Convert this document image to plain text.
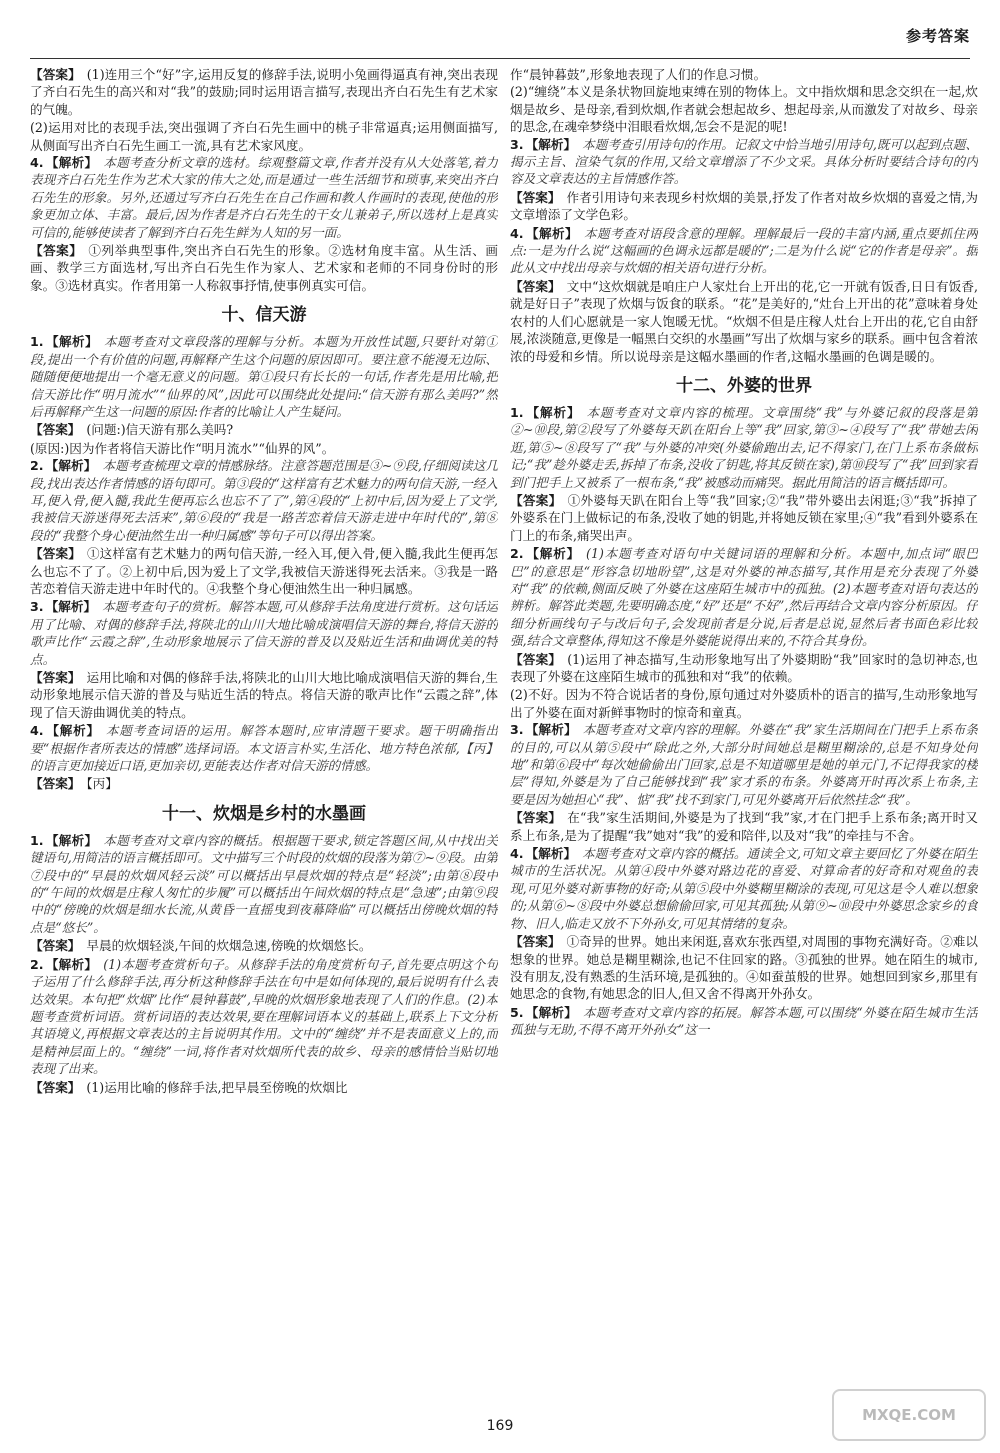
参考答案

【答案】 (1)连用三个“好”字,运用反复的修辞手法,说明小兔画得逼真有神,突出表现了齐白石先生的高兴和对“我”的鼓励;同时运用语言描写,表现出齐白石先生有艺术家的气魄。

(2)运用对比的表现手法,突出强调了齐白石先生画中的桃子非常逼真;运用侧面描写,从侧面写出齐白石先生画工一流,具有艺术家风度。

4. 【解析】 本题考查分析文章的选材。综观整篇文章,作者并没有从大处落笔,着力表现齐白石先生作为艺术大家的伟大之处,而是通过一些生活细节和琐事,来突出齐白石先生的形象。另外,还通过写齐白石先生在自己作画和教人作画时的表现,使他的形象更加立体、丰富。最后,因为作者是齐白石先生的干女儿兼弟子,所以选材上是真实可信的,能够使读者了解到齐白石先生鲜为人知的另一面。

【答案】 ①列举典型事件,突出齐白石先生的形象。②选材角度丰富。从生活、画画、教学三方面选材,写出齐白石先生作为家人、艺术家和老师的不同身份时的形象。③选材真实。作者用第一人称叙事抒情,使事例真实可信。

十、信天游

1. 【解析】 本题考查对文章段落的理解与分析。本题为开放性试题,只要针对第①段,提出一个有价值的问题,再解释产生这个问题的原因即可。要注意不能漫无边际、随随便便地提出一个毫无意义的问题。第①段只有长长的一句话,作者先是用比喻,把信天游比作“明月流水”“仙界的风”,因此可以围绕此处提问:“信天游有那么美吗?”然后再解释产生这一问题的原因:作者的比喻让人产生疑问。

【答案】 (问题:)信天游有那么美吗?

(原因:)因为作者将信天游比作“明月流水”“仙界的风”。

2. 【解析】 本题考查梳理文章的情感脉络。注意答题范围是③~⑨段,仔细阅读这几段,找出表达作者情感的语句即可。第③段的“这样富有艺术魅力的两句信天游,一经入耳,便入骨,便入髓,我此生便再忘么也忘不了了”,第④段的“上初中后,因为爱上了文学,我被信天游迷得死去活来”,第⑥段的“我是一路苦恋着信天游走进中年时代的”,第⑧段的“我整个身心便油然生出一种归属感”等句子可以得出答案。

【答案】 ①这样富有艺术魅力的两句信天游,一经入耳,便入骨,便入髓,我此生便再怎么也忘不了了。②上初中后,因为爱上了文学,我被信天游迷得死去活来。③我是一路苦恋着信天游走进中年时代的。④我整个身心便油然生出一种归属感。

3. 【解析】 本题考查句子的赏析。解答本题,可从修辞手法角度进行赏析。这句话运用了比喻、对偶的修辞手法,将陕北的山川大地比喻成演唱信天游的舞台,将信天游的歌声比作“云霞之辞”,生动形象地展示了信天游的普及以及贴近生活和曲调优美的特点。

【答案】 运用比喻和对偶的修辞手法,将陕北的山川大地比喻成演唱信天游的舞台,生动形象地展示信天游的普及与贴近生活的特点。将信天游的歌声比作“云霞之辞”,体现了信天游曲调优美的特点。

4. 【解析】 本题考查词语的运用。解答本题时,应审清题干要求。题干明确指出要“根据作者所表达的情感”选择词语。本文语言朴实,生活化、地方特色浓郁,【丙】的语言更加接近口语,更加亲切,更能表达作者对信天游的情感。

【答案】 【丙】

十一、炊烟是乡村的水墨画

1. 【解析】 本题考查对文章内容的概括。根据题干要求,锁定答题区间,从中找出关键语句,用简洁的语言概括即可。文中描写三个时段的炊烟的段落为第⑦~⑨段。由第⑦段中的“早晨的炊烟风轻云淡”可以概括出早晨炊烟的特点是“轻淡”;由第⑧段中的“午间的炊烟是庄稼人匆忙的步履”可以概括出午间炊烟的特点是“急速”;由第⑨段中的“傍晚的炊烟是细水长流,从黄昏一直摇曳到夜幕降临”可以概括出傍晚炊烟的特点是“悠长”。

【答案】 早晨的炊烟轻淡,午间的炊烟急速,傍晚的炊烟悠长。

2. 【解析】 (1)本题考查赏析句子。从修辞手法的角度赏析句子,首先要点明这个句子运用了什么修辞手法,再分析这种修辞手法在句中是如何体现的,最后说明有什么表达效果。本句把“炊烟”比作“晨钟暮鼓”,早晚的炊烟形象地表现了人们的作息。(2)本题考查赏析词语。赏析词语的表达效果,要在理解词语本义的基础上,联系上下文分析其语境义,再根据文章表达的主旨说明其作用。文中的“缠绕”并不是表面意义上的,而是精神层面上的。“缠绕”一词,将作者对炊烟所代表的故乡、母亲的感情恰当贴切地表现了出来。

【答案】 (1)运用比喻的修辞手法,把早晨至傍晚的炊烟比

作“晨钟暮鼓”,形象地表现了人们的作息习惯。

(2)“缠绕”本义是条状物回旋地束缚在别的物体上。文中指炊烟和思念交织在一起,炊烟是故乡、是母亲,看到炊烟,作者就会想起故乡、想起母亲,从而激发了对故乡、母亲的思念,在魂牵梦绕中泪眼看炊烟,怎会不是泥的呢!

3. 【解析】 本题考查引用诗句的作用。记叙文中恰当地引用诗句,既可以起到点题、揭示主旨、渲染气氛的作用,又给文章增添了不少文采。具体分析时要结合诗句的内容及文章表达的主旨情感作答。

【答案】 作者引用诗句来表现乡村炊烟的美景,抒发了作者对故乡炊烟的喜爱之情,为文章增添了文学色彩。

4. 【解析】 本题考查对语段含意的理解。理解最后一段的丰富内涵,重点要抓住两点:一是为什么说“这幅画的色调永远都是暖的”;二是为什么说“它的作者是母亲”。据此从文中找出母亲与炊烟的相关语句进行分析。

【答案】 文中“这炊烟就是咱庄户人家灶台上开出的花,它一开就有饭香,日日有饭香,就是好日子”表现了炊烟与饭食的联系。“花”是美好的,“灶台上开出的花”意味着身处农村的人们心愿就是一家人饱暖无忧。“炊烟不但是庄稼人灶台上开出的花,它自由舒展,浓淡随意,更像是一幅黑白交织的水墨画”写出了炊烟与家乡的联系。画中包含着浓浓的母爱和乡情。所以说母亲是这幅水墨画的作者,这幅水墨画的色调是暖的。

十二、外婆的世界

1. 【解析】 本题考查对文章内容的梳理。文章围绕“我”与外婆记叙的段落是第②~⑩段,第②段写了外婆每天趴在阳台上等“我”回家,第③~④段写了“我”带她去闲逛,第⑤~⑧段写了“我”与外婆的冲突(外婆偷跑出去,记不得家门,在门上系布条做标记;“我”趁外婆走丢,拆掉了布条,没收了钥匙,将其反锁在家),第⑩段写了“我”回到家看到门把手上又被系了一根布条,“我”被感动而痛哭。据此用简洁的语言概括即可。

【答案】 ①外婆每天趴在阳台上等“我”回家;②“我”带外婆出去闲逛;③“我”拆掉了外婆系在门上做标记的布条,没收了她的钥匙,并将她反锁在家里;④“我”看到外婆系在门上的布条,痛哭出声。

2. 【解析】 (1)本题考查对语句中关键词语的理解和分析。本题中,加点词“眼巴巴”的意思是“形容急切地盼望”,这是对外婆的神态描写,其作用是充分表现了外婆对“我”的依赖,侧面反映了外婆在这座陌生城市中的孤独。(2)本题考查对语句表达的辨析。解答此类题,先要明确态度,“好”还是“不好”,然后再结合文章内容分析原因。仔细分析画线句子与改后句子,会发现前者是分说,后者是总说,显然后者书面色彩比较强,结合文章整体,得知这不像是外婆能说得出来的,不符合其身份。

【答案】 (1)运用了神态描写,生动形象地写出了外婆期盼“我”回家时的急切神态,也表现了外婆在这座陌生城市的孤独和对“我”的依赖。

(2)不好。因为不符合说话者的身份,原句通过对外婆质朴的语言的描写,生动形象地写出了外婆在面对新鲜事物时的惊奇和童真。

3. 【解析】 本题考查对文章内容的理解。外婆在“我”家生活期间在门把手上系布条的目的,可以从第⑤段中“除此之外,大部分时间她总是糊里糊涂的,总是不知身处何地”和第⑥段中“每次她偷偷出门回家,总是不知道哪里是她的单元门,不记得我家的楼层”得知,外婆是为了自己能够找到“我”家才系的布条。外婆离开时再次系上布条,主要是因为她担心“我”、惦“我”找不到家门,可见外婆离开后依然挂念“我”。

【答案】 在“我”家生活期间,外婆是为了找到“我”家,才在门把手上系布条;离开时又系上布条,是为了提醒“我”她对“我”的爱和陪伴,以及对“我”的牵挂与不舍。

4. 【解析】 本题考查对文章内容的概括。通读全文,可知文章主要回忆了外婆在陌生城市的生活状况。从第④段中外婆对路边花的喜爱、对算命者的好奇和对观鱼的表现,可见外婆对新事物的好奇;从第⑤段中外婆糊里糊涂的表现,可见这是令人难以想象的;从第⑥~⑧段中外婆总想偷偷回家,可见其孤独;从第⑨~⑩段中外婆思念家乡的食物、旧人,临走又放不下外孙女,可见其情绪的复杂。

【答案】 ①奇异的世界。她出来闲逛,喜欢东张西望,对周围的事物充满好奇。②难以想象的世界。她总是糊里糊涂,也记不住回家的路。③孤独的世界。她在陌生的城市,没有朋友,没有熟悉的生活环境,是孤独的。④如蚕茧般的世界。她想回到家乡,那里有她思念的食物,有她思念的旧人,但又舍不得离开外孙女。

5. 【解析】 本题考查对文章内容的拓展。解答本题,可以围绕“外婆在陌生城市生活孤独与无助,不得不离开外孙女”这一

169
MXQE.COM
